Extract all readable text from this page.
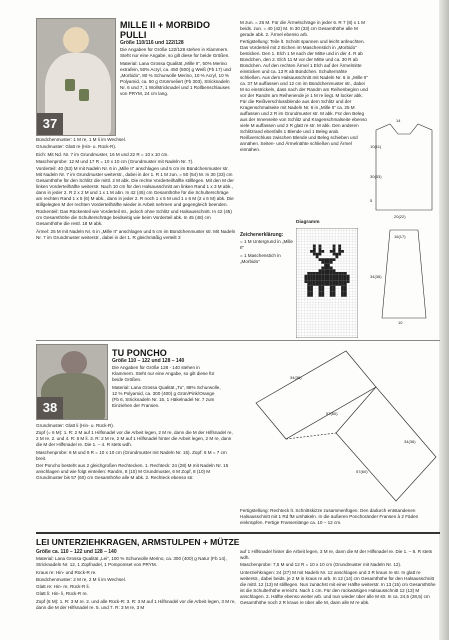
37
MILLE II + MORBIDO PULLI

Größe 110/116 und 122/128

Die Angaben für Größe 122/128 stehen in Klammern. Steht nur eine Angabe, so gilt diese für beide Größen.

Material: Lana Grossa Qualität „Mille II“, 50% Merino extrafein, 50% Acryl, ca. 450 (500) g Weiß (Fb 17) und „Morbido“, 80 % Schurwolle Merino, 10 % Acryl, 10 % Polyamid, ca. 50 g Grünmeliert (Fb 303), Stricknadeln Nr. 6 und 7, 1 Wollstricknadel und 1 Rollbenschlauses von PRYM, 24 cm lang.

Bündchenmuster: 1 M re, 1 M li im Wechsel.

Grundmuster: Glatt re (Hin- u. Rück-R).

Eich: Mit Nd. Nr. 7 im Grundmuster, 16 M und 22 R = 10 x 10 cm.

Maschenprobe: 12 M und 17 R = 10 x 10 cm (Grundmuster mit Nadeln Nr. 7).

Vorderteil: 40 (53) M mit Nadeln Nr. 6 in „Mille II“ anschlagen und 5 cm im Bündchenmuster str. Mit Nadeln Nr. 7 im Grundmuster weiterstr., dabei in der 1. R 1 M zun. = 50 (54) M. In 30 (33) cm Gesamthöhe für den Schlitz die mittl. 2 M abk. Die rechte Vorderteilhälfte stilllegen. Mit den M der linken Vorderteilhälfte weiterstr. Nach 10 cm für den Halsausschnitt am linken Rand 1 x 3 M abk., dann in jeder 2. R 2 x 2 M und 1 x 1 M abn. In 42 (45) cm Gesamthöhe für die Schulterschräge am rechten Rand 1 x 5 (6) M abk., dann in jeder 2. R noch 1 x 5 M und 1 x 6 M (2 x 6 M) abk. Die stillgelegten M der rechten Vorderteilhälfte wieder in Arbeit nehmen und gegengleich beenden.

Rückenteil: Das Rückenteil wie Vorderteil str., jedoch ohne Schlitz und Halsausschnitt. In 42 (45) cm Gesamthöhe die Schulterschräge beidseitig wie beim Vorderteil abk. In 45 (48) cm Gesamthöhe die restl. 18 M abk.

Ärmel: 25 M mit Nadeln Nr. 6 in „Mille II“ anschlagen und 5 cm im Bündchenmuster str. Mit Nadeln Nr. 7 im Grundmuster weiterstr., dabei in der 1. R gleichmäßig verteilt 3

M zun. = 26 M. Für die Ärmelschräge in jeder 6. R 7 (8) x 1 M beids. zun. = 40 (42) M. In 30 (33) cm Gesamthöhe alle M gerade abk. 2. Ärmel ebenso arb.

Fertigstellung: Teile lt. Schnitt spannen und leicht anfeuchten. Das Vorderteil mit 2 Eichen im Maschenstich in „Morbido“ besticken. Den 1. Elch 1 M nach der Mitte und in der 4. R ab Bündchen, den 2. Elch 11 M vor der Mitte und ca. 30 R ab Bündchen. Auf den rechten Ärmel 1 Elch auf der Ärmelmitte einsticken und ca. 13 R ab Bündchen. Schulternähte schließen. Aus dem Halsausschnitt mit Nadeln Nr. 6 in „Mille II“ ca. 37 M auffassen und 12 cm im Bündchenmuster str., dabei M so einstrickeln, dass nach der Randm am Reihenbeginn und vor der Randm am Reihenende je 1 M re liegt. M locker abk. Für die Reißverschlussblende aus dem Schlitz und der Kragenschmalseite mit Nadeln Nr. 6 in „Mille II“ ca. 25 M auffassen und 2 R im Grundmuster str. M abk. Für den Beleg aus der Innenseite von Schlitz und Kragenschmalseite ebenso viele M auffassen und 2 R glatt re str. M abk. Den anderen Schlitzrand ebenfalls 1 Blende und 1 Beleg arab. Reißverschluss zwischen Blende und Beleg schieben und annähen. Seiten- und Ärmelnähte schließen und Ärmel einnähen.

14
10(11)
30(33)
5
20(22)
16(17)
34(36)
10
Diagramm

Zeichenerklärung:

= 1 M Untergrund in „Mille II“

= 1 Maschenstich in „Morbido“

38
TU PONCHO

Größe 110 – 122 und 128 – 140

Die Angaben für Größe 128 - 140 stehen in Klammern. Steht nur eine Angabe, so gilt diese für beide Größen.

Material: Lana Grossa Qualität „Tu“, 88% Schurwolle, 12 % Polyamid, ca. 300 (400) g Grün/Pink/Orange (Fb 6, Stricknadeln Nr. 15, 1 Häkelnadel Nr. 7 zum Einziehen der Fransen.

Grundmuster: Glatt li (Hin- u. Rück-R).

Zopf (= 6 M): 1. R: 2 M auf 1 Hilfsnadel vor die Arbeit legen, 2 M re, dann die M der Hilfsnadel re, 2 M re. 2. und 4. R: 6 M li. 3. R: 2 M re, 2 M auf 1 Hilfsnadel hinter die Arbeit legen, 2 M re, dann die M der Hilfsnadel re. Die 1. – 4. R stets wdh.

Maschenprobe: 6 M und 9 R = 10 x 10 cm (Grundmuster mit Nadeln Nr. 15). Zopf: 6 M = 7 cm breit.

Der Poncho besteht aus 2 gleichgroßen Rechtecken. 1. Rechteck: 24 (28) M mit Nadeln Nr. 15 anschlagen und wie folgt einteilen: Randm, 8 (10) M Grundmuster, 6 M Zopf, 8 (10) M Grundmuster bis 57 (60) cm Gesamthöhe alle M abk. 2. Rechteck ebenso str.

34(36)
57(60)
34(36)
57(60)

Fertigstellung: Rechteck lt. Schnittskizze zusammenfügen. Den dadurch entstandenen Halsausschnitt mit 1 Rd fM umhäkeln. In die äußeren Ponchoränder Fransen à 2 Fäden einknüpfen. Fertige Fransenlänge ca. 10 – 12 cm.

LEI UNTERZIEHKRAGEN, ARMSTULPEN + MÜTZE

Größe ca. 110 – 122 und 128 – 140

Material: Lana Grossa Qualität „Lei“, 100 % Schurwolle Merino, ca. 300 (400) g Natur (Fb 14), Stricknadeln Nr. 12, 1 Zopfnadel, 1 Pompomset von PRYM.

Kraus re: Hin- und Rück-R re.

Bündchenmuster: 2 M re, 2 M li im Wechsel.

Glatt re: Hin- re, Rück-R li.

Glatt li: Hin- li, Rück-R re.

Zopf (6 M): 1. R: 3 M re. 2. und alle Rück-R: 3. R: 3 M auf 1 Hilfsnadel vor die Arbeit legen, 3 M re, dann die M der Hilfsnadel re. 5. und 7. R: 3 M re, 3 M

auf 1 Hilfsnadel hinter die Arbeit legen, 3 M re, dann die M der Hilfsnadel re. Die 1. – 8. R stets wdh.

Maschenprobe: 7,5 M und 12 R = 10 x 10 cm (Grundmuster mit Nadeln Nr. 12).

Unterziehkragen: 24 (27) M mit Nadeln Nr. 12 anschlagen und 3 R kraus re str. In glatt re weiterstr., dabei beids. je 2 M in kraus re arb. In 12 (14) cm Gesamthöhe für den Halsausschnitt die mittl. 12 (13) M stilllegen. Nun zunächst mit einer Hälfte weiterstr. In 13 (15) cm Gesamthöhe ist die Schulterhöhe erreicht. Nach 1 cm. Für den rückwärtigen Halsausschnitt 12 (13) M anschlagen. 2. Hälfte ebenso weiter arb. und nun wieder über alle M str. In ca. 24,5 (28,5) cm Gesamthöhe noch 2 R kraus re über alle M, dann alle M re abk.
